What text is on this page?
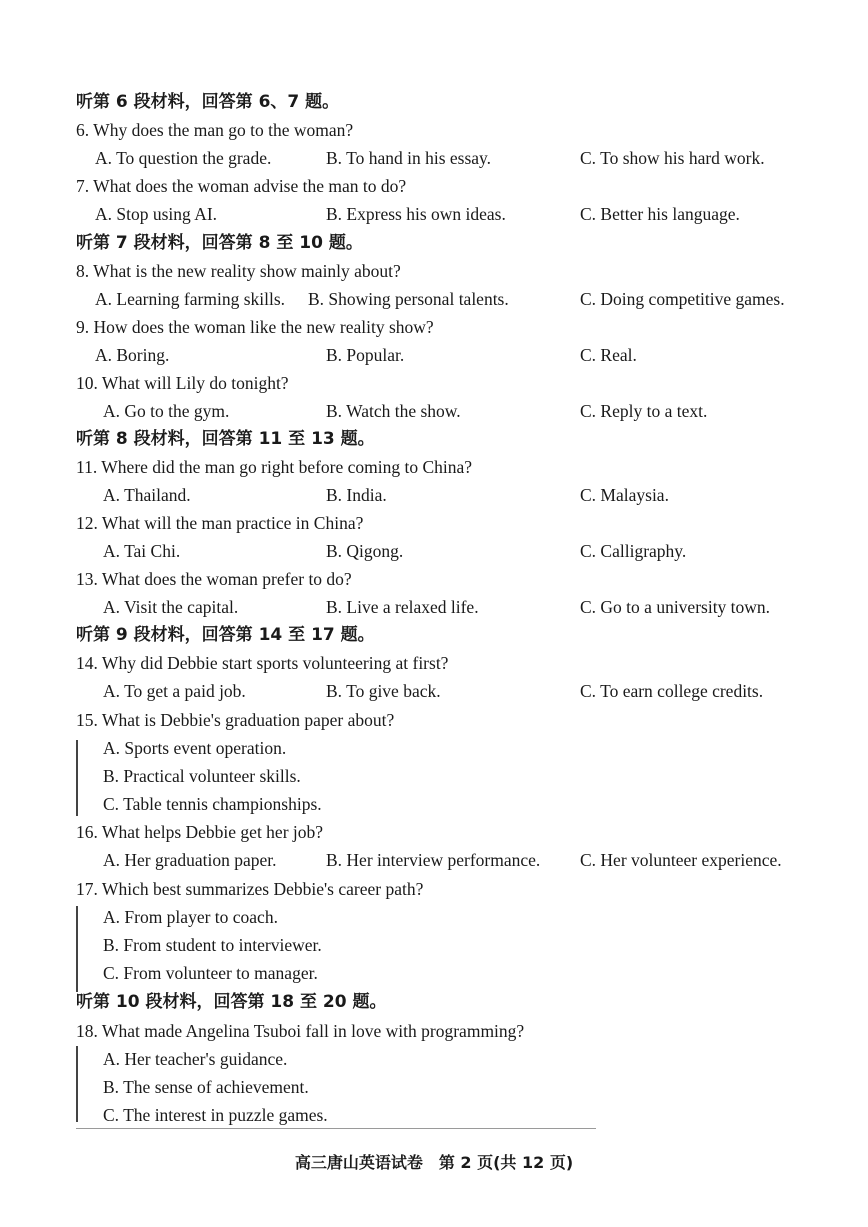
听第 6 段材料，回答第 6、7 题。
6. Why does the man go to the woman?
A. To question the grade.	B. To hand in his essay.	C. To show his hard work.
7. What does the woman advise the man to do?
A. Stop using AI.	B. Express his own ideas.	C. Better his language.
听第 7 段材料，回答第 8 至 10 题。
8. What is the new reality show mainly about?
A. Learning farming skills. B. Showing personal talents.	C. Doing competitive games.
9. How does the woman like the new reality show?
A. Boring.	B. Popular.	C. Real.
10. What will Lily do tonight?
A. Go to the gym.	B. Watch the show.	C. Reply to a text.
听第 8 段材料，回答第 11 至 13 题。
11. Where did the man go right before coming to China?
A. Thailand.	B. India.	C. Malaysia.
12. What will the man practice in China?
A. Tai Chi.	B. Qigong.	C. Calligraphy.
13. What does the woman prefer to do?
A. Visit the capital.	B. Live a relaxed life.	C. Go to a university town.
听第 9 段材料，回答第 14 至 17 题。
14. Why did Debbie start sports volunteering at first?
A. To get a paid job.	B. To give back.	C. To earn college credits.
15. What is Debbie's graduation paper about?
A. Sports event operation.
B. Practical volunteer skills.
C. Table tennis championships.
16. What helps Debbie get her job?
A. Her graduation paper.	B. Her interview performance. C. Her volunteer experience.
17. Which best summarizes Debbie's career path?
A. From player to coach.
B. From student to interviewer.
C. From volunteer to manager.
听第 10 段材料，回答第 18 至 20 题。
18. What made Angelina Tsuboi fall in love with programming?
A. Her teacher's guidance.
B. The sense of achievement.
C. The interest in puzzle games.
高三唐山英语试卷　第 2 页(共 12 页)
